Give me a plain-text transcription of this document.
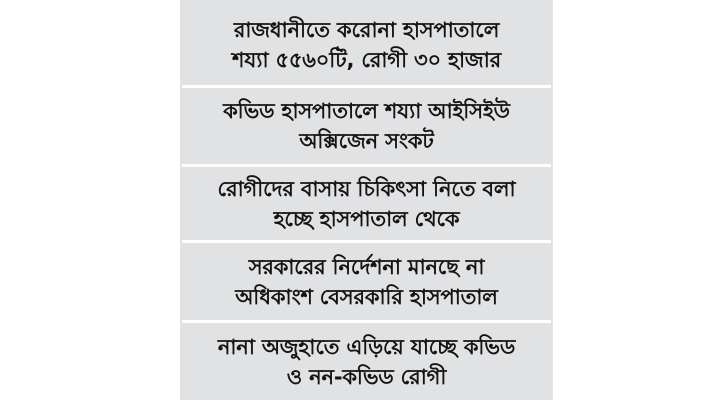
রাজধানীতে করোনা হাসপাতালে
শয্যা ৫৫৬০টি, রোগী ৩০ হাজার
কভিড হাসপাতালে শয্যা আইসিইউ
অক্সিজেন সংকট
রোগীদের বাসায় চিকিৎসা নিতে বলা
হচ্ছে হাসপাতাল থেকে
সরকারের নির্দেশনা মানছে না
অধিকাংশ বেসরকারি হাসপাতাল
নানা অজুহাতে এড়িয়ে যাচ্ছে কভিড
ও নন-কভিড রোগী
